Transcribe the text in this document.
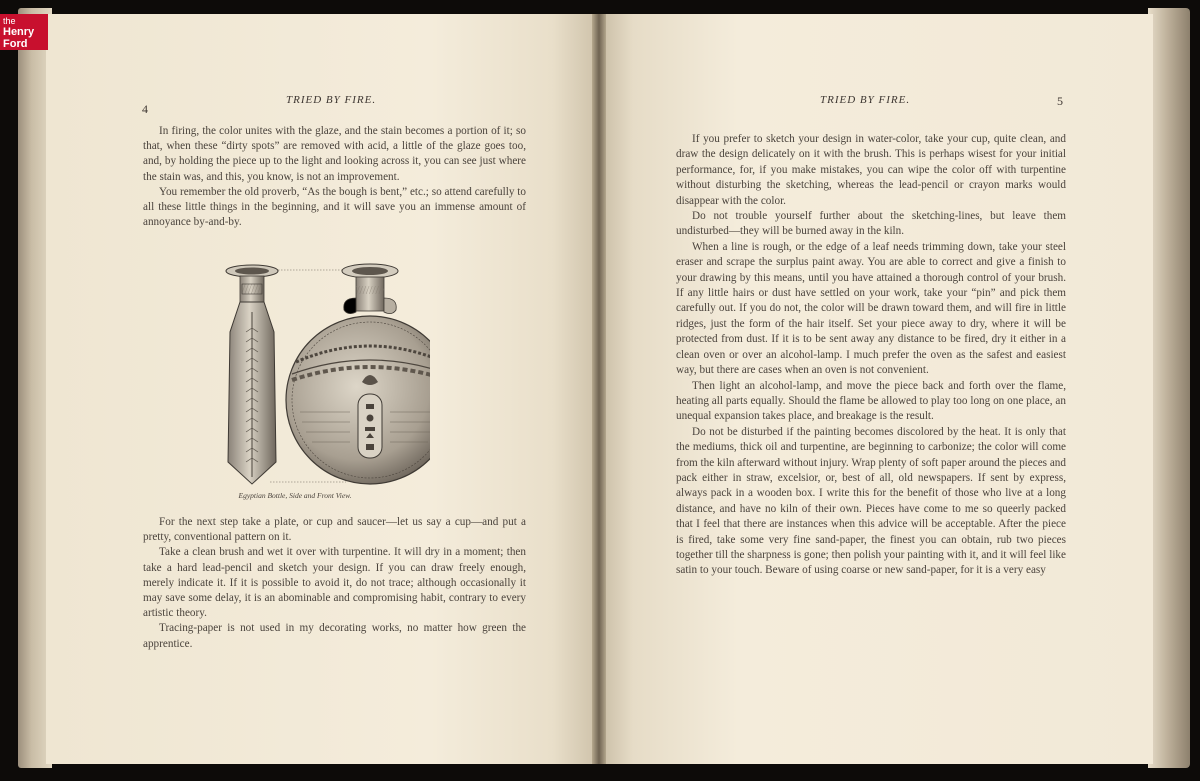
the
Henry
Ford
4
TRIED BY FIRE.

In firing, the color unites with the glaze, and the stain becomes a portion of it; so that, when these “dirty spots” are removed with acid, a little of the glaze goes too, and, by holding the piece up to the light and looking across it, you can see just where the stain was, and this, you know, is not an improvement.

You remember the old proverb, “As the bough is bent,” etc.; so attend carefully to all these little things in the beginning, and it will save you an immense amount of annoyance by-and-by.

Egyptian Bottle, Side and Front View.

For the next step take a plate, or cup and saucer—let us say a cup—and put a pretty, conventional pattern on it.

Take a clean brush and wet it over with turpentine. It will dry in a moment; then take a hard lead-pencil and sketch your design. If you can draw freely enough, merely indicate it. If it is possible to avoid it, do not trace; although occasionally it may save some delay, it is an abominable and compromising habit, contrary to every artistic theory.

Tracing-paper is not used in my decorating works, no matter how green the apprentice.

TRIED BY FIRE.	5

If you prefer to sketch your design in water-color, take your cup, quite clean, and draw the design delicately on it with the brush. This is perhaps wisest for your initial performance, for, if you make mistakes, you can wipe the color off with turpentine without disturbing the sketching, whereas the lead-pencil or crayon marks would disappear with the color.

Do not trouble yourself further about the sketching-lines, but leave them undisturbed—they will be burned away in the kiln.

When a line is rough, or the edge of a leaf needs trimming down, take your steel eraser and scrape the surplus paint away. You are able to correct and give a finish to your drawing by this means, until you have attained a thorough control of your brush. If any little hairs or dust have settled on your work, take your “pin” and pick them carefully out. If you do not, the color will be drawn toward them, and will fire in little ridges, just the form of the hair itself. Set your piece away to dry, where it will be protected from dust. If it is to be sent away any distance to be fired, dry it either in a clean oven or over an alcohol-lamp. I much prefer the oven as the safest and easiest way, but there are cases when an oven is not convenient.

Then light an alcohol-lamp, and move the piece back and forth over the flame, heating all parts equally. Should the flame be allowed to play too long on one place, an unequal expansion takes place, and breakage is the result.

Do not be disturbed if the painting becomes discolored by the heat. It is only that the mediums, thick oil and turpentine, are beginning to carbonize; the color will come from the kiln afterward without injury. Wrap plenty of soft paper around the pieces and pack either in straw, excelsior, or, best of all, old newspapers. If sent by express, always pack in a wooden box. I write this for the benefit of those who live at a long distance, and have no kiln of their own. Pieces have come to me so queerly packed that I feel that there are instances when this advice will be acceptable. After the piece is fired, take some very fine sand-paper, the finest you can obtain, rub two pieces together till the sharpness is gone; then polish your painting with it, and it will feel like satin to your touch. Beware of using coarse or new sand-paper, for it is a very easy
